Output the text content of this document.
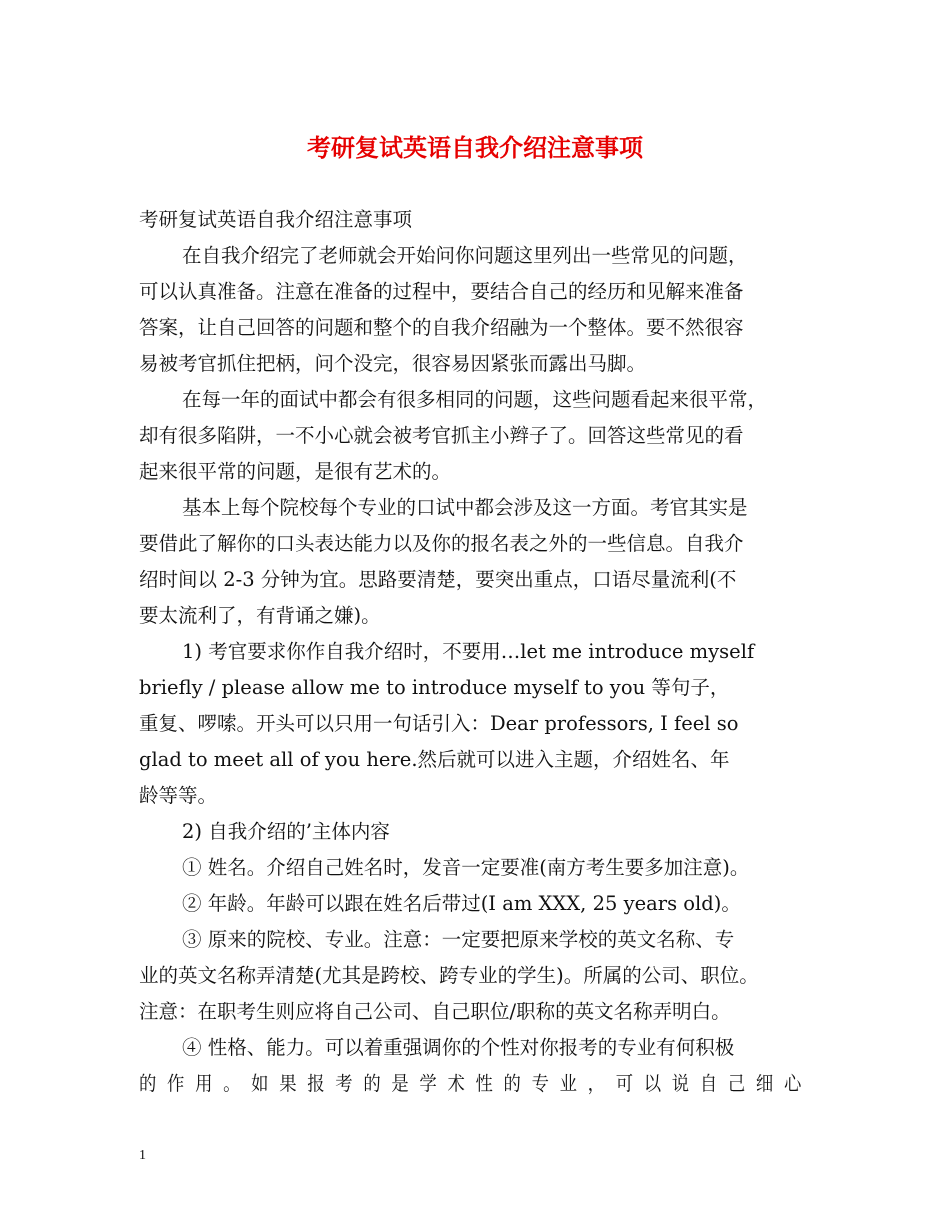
考研复试英语自我介绍注意事项
考研复试英语自我介绍注意事项
在自我介绍完了老师就会开始问你问题这里列出一些常见的问题，
可以认真准备。注意在准备的过程中，要结合自己的经历和见解来准备
答案，让自己回答的问题和整个的自我介绍融为一个整体。要不然很容
易被考官抓住把柄，问个没完，很容易因紧张而露出马脚。
在每一年的面试中都会有很多相同的问题，这些问题看起来很平常，
却有很多陷阱，一不小心就会被考官抓主小辫子了。回答这些常见的看
起来很平常的问题，是很有艺术的。
基本上每个院校每个专业的口试中都会涉及这一方面。考官其实是
要借此了解你的口头表达能力以及你的报名表之外的一些信息。自我介
绍时间以 2-3 分钟为宜。思路要清楚，要突出重点，口语尽量流利(不
要太流利了，有背诵之嫌)。
1) 考官要求你作自我介绍时，不要用…let me introduce myself
briefly / please allow me to introduce myself to you 等句子，
重复、啰嗦。开头可以只用一句话引入：Dear professors, I feel so
glad to meet all of you here.然后就可以进入主题，介绍姓名、年
龄等等。
2) 自我介绍的’主体内容
① 姓名。介绍自己姓名时，发音一定要准(南方考生要多加注意)。
② 年龄。年龄可以跟在姓名后带过(I am XXX, 25 years old)。
③ 原来的院校、专业。注意：一定要把原来学校的英文名称、专
业的英文名称弄清楚(尤其是跨校、跨专业的学生)。所属的公司、职位。
注意：在职考生则应将自己公司、自己职位/职称的英文名称弄明白。
④ 性格、能力。可以着重强调你的个性对你报考的专业有何积极
的作用。如果报考的是学术性的专业，可以说自己细心
1
